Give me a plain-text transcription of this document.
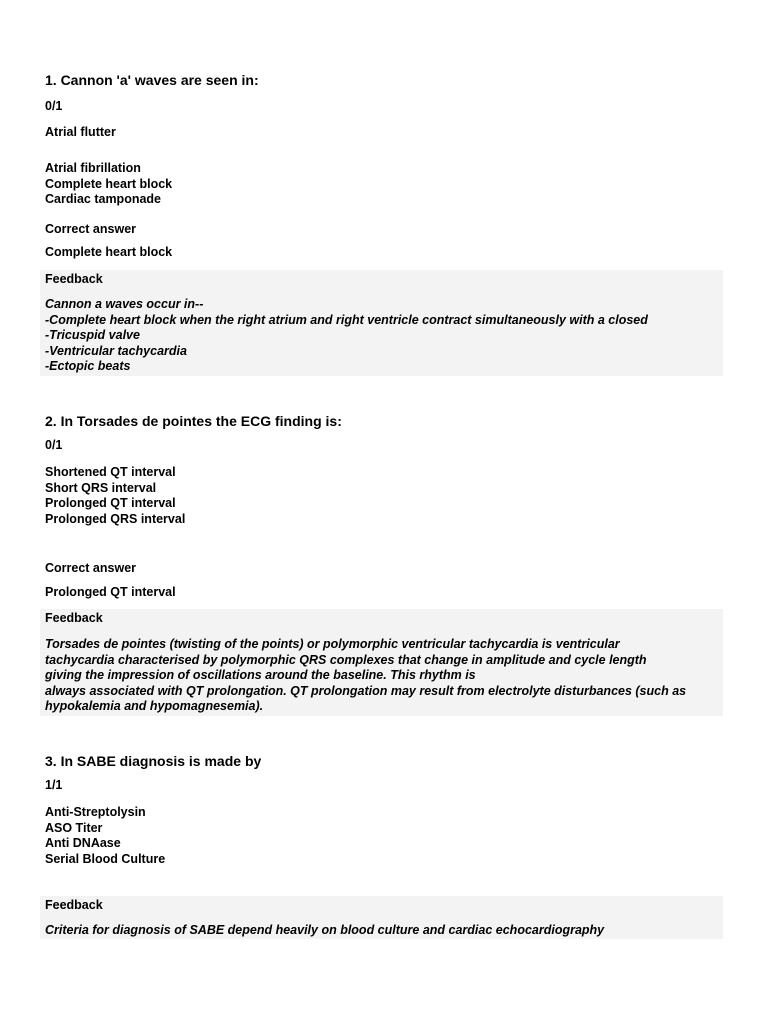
1. Cannon 'a' waves are seen in:
0/1
Atrial flutter
Atrial fibrillation
Complete heart block
Cardiac tamponade
Correct answer
Complete heart block
Feedback
Cannon a waves occur in--
-Complete heart block when the right atrium and right ventricle contract simultaneously with a closed
-Tricuspid valve
-Ventricular tachycardia
-Ectopic beats
2. In Torsades de pointes the ECG finding is:
0/1
Shortened QT interval
Short QRS interval
Prolonged QT interval
Prolonged QRS interval
Correct answer
Prolonged QT interval
Feedback
Torsades de pointes (twisting of the points) or polymorphic ventricular tachycardia is ventricular
tachycardia characterised by polymorphic QRS complexes that change in amplitude and cycle length
giving the impression of oscillations around the baseline. This rhythm is
always associated with QT prolongation. QT prolongation may result from electrolyte disturbances (such as
hypokalemia and hypomagnesemia).
3. In SABE diagnosis is made by
1/1
Anti-Streptolysin
ASO Titer
Anti DNAase
Serial Blood Culture
Feedback
Criteria for diagnosis of SABE depend heavily on blood culture and cardiac echocardiography
